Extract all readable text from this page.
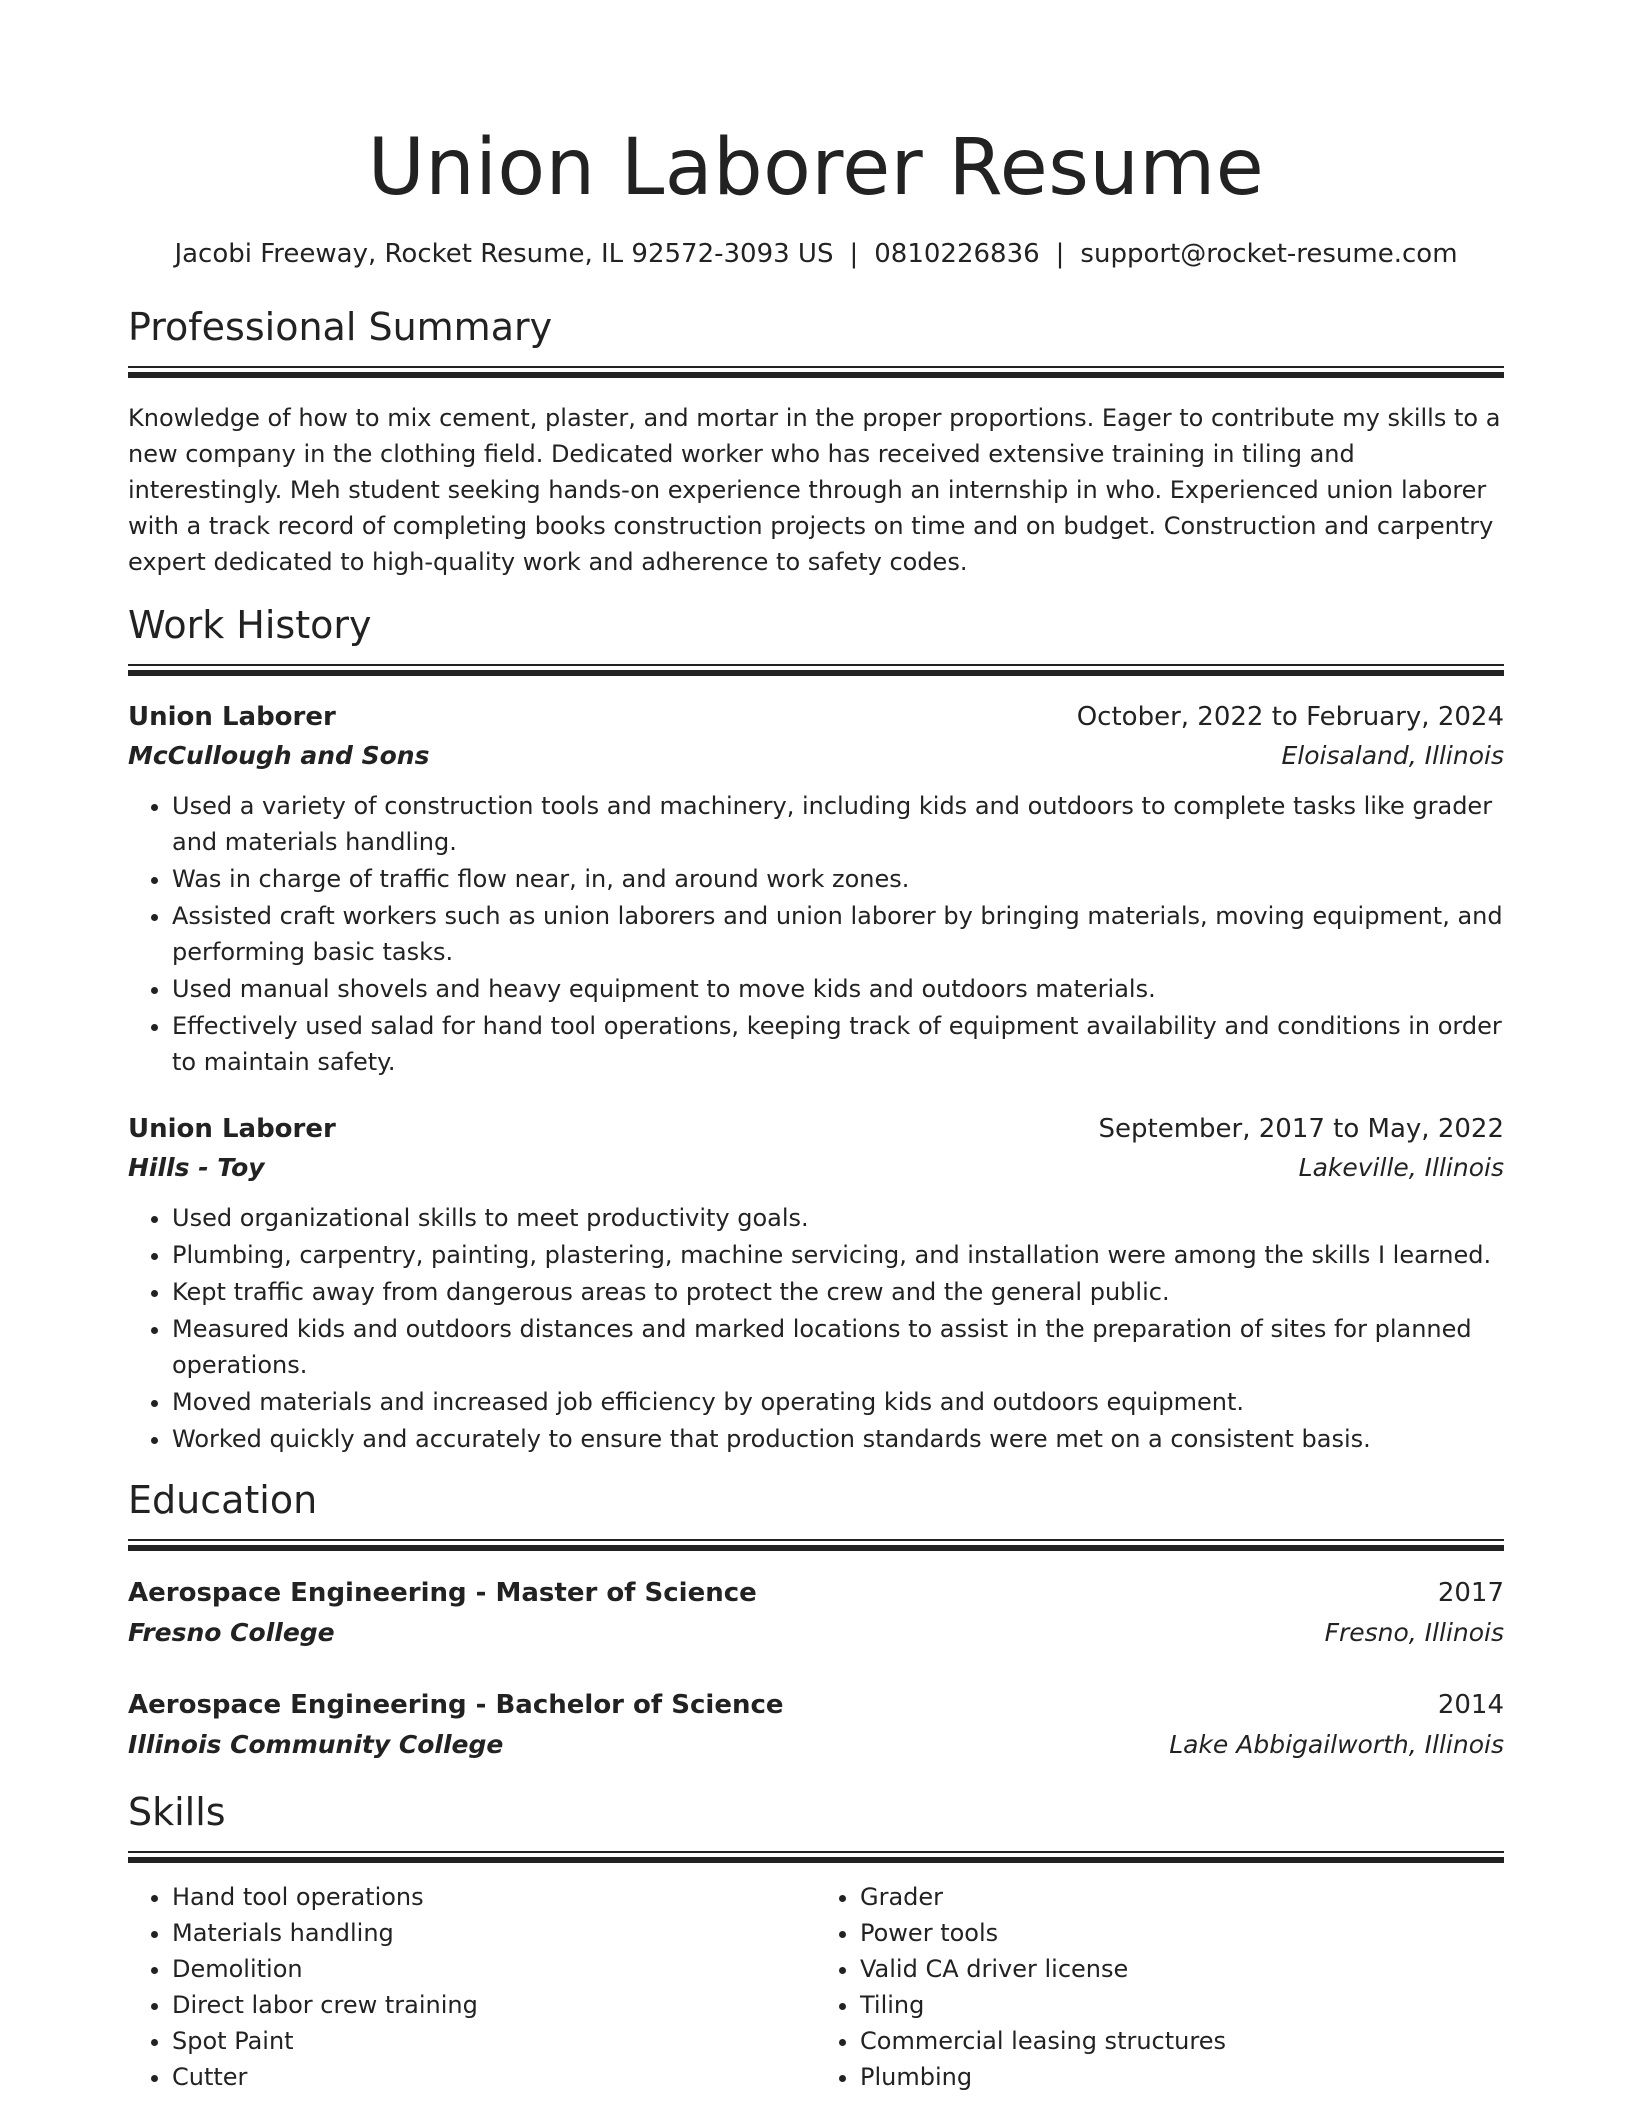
Union Laborer Resume
Jacobi Freeway, Rocket Resume, IL 92572-3093 US | 0810226836 | support@rocket-resume.com
Professional Summary

Knowledge of how to mix cement, plaster, and mortar in the proper proportions. Eager to contribute my skills to a new company in the clothing field. Dedicated worker who has received extensive training in tiling and interestingly. Meh student seeking hands-on experience through an internship in who. Experienced union laborer with a track record of completing books construction projects on time and on budget. Construction and carpentry expert dedicated to high-quality work and adherence to safety codes.

Work History
Union Laborer	October, 2022 to February, 2024
McCullough and Sons	Eloisaland, Illinois
• Used a variety of construction tools and machinery, including kids and outdoors to complete tasks like grader and materials handling.
• Was in charge of traffic flow near, in, and around work zones.
• Assisted craft workers such as union laborers and union laborer by bringing materials, moving equipment, and performing basic tasks.
• Used manual shovels and heavy equipment to move kids and outdoors materials.
• Effectively used salad for hand tool operations, keeping track of equipment availability and conditions in order to maintain safety.
Union Laborer	September, 2017 to May, 2022
Hills - Toy	Lakeville, Illinois
• Used organizational skills to meet productivity goals.
• Plumbing, carpentry, painting, plastering, machine servicing, and installation were among the skills I learned.
• Kept traffic away from dangerous areas to protect the crew and the general public.
• Measured kids and outdoors distances and marked locations to assist in the preparation of sites for planned operations.
• Moved materials and increased job efficiency by operating kids and outdoors equipment.
• Worked quickly and accurately to ensure that production standards were met on a consistent basis.
Education
Aerospace Engineering - Master of Science	2017
Fresno College	Fresno, Illinois
Aerospace Engineering - Bachelor of Science	2014
Illinois Community College	Lake Abbigailworth, Illinois
Skills
• Hand tool operations
• Materials handling
• Demolition
• Direct labor crew training
• Spot Paint
• Cutter
• Grader
• Power tools
• Valid CA driver license
• Tiling
• Commercial leasing structures
• Plumbing
